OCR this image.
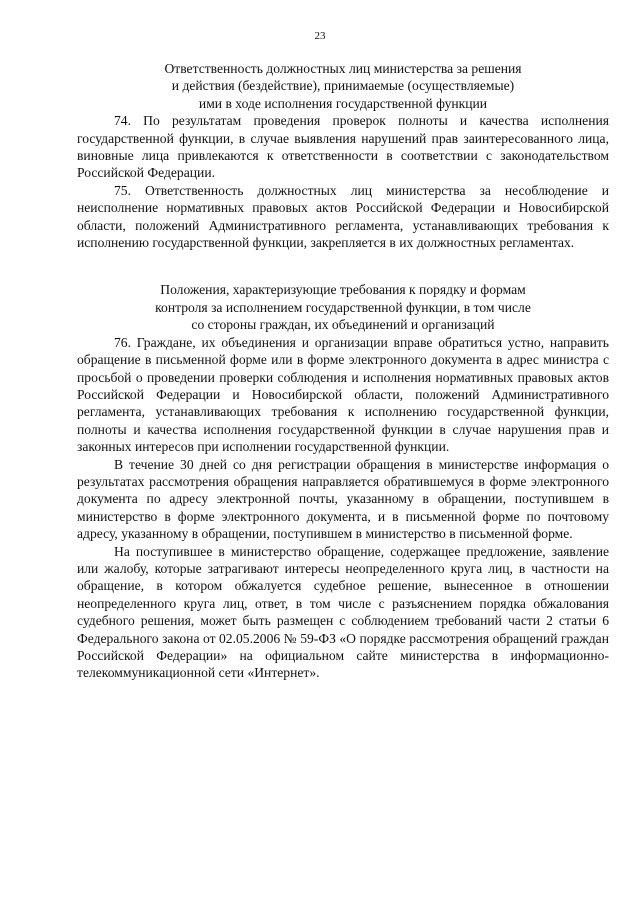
23
Ответственность должностных лиц министерства за решения
и действия (бездействие), принимаемые (осуществляемые)
ими в ходе исполнения государственной функции

74. По результатам проведения проверок полноты и качества исполнения государственной функции, в случае выявления нарушений прав заинтересованного лица, виновные лица привлекаются к ответственности в соответствии с законодательством Российской Федерации.

75. Ответственность должностных лиц министерства за несоблюдение и неисполнение нормативных правовых актов Российской Федерации и Новосибирской области, положений Административного регламента, устанавливающих требования к исполнению государственной функции, закрепляется в их должностных регламентах.

Положения, характеризующие требования к порядку и формам
контроля за исполнением государственной функции, в том числе
со стороны граждан, их объединений и организаций

76. Граждане, их объединения и организации вправе обратиться устно, направить обращение в письменной форме или в форме электронного документа в адрес министра с просьбой о проведении проверки соблюдения и исполнения нормативных правовых актов Российской Федерации и Новосибирской области, положений Административного регламента, устанавливающих требования к исполнению государственной функции, полноты и качества исполнения государственной функции в случае нарушения прав и законных интересов при исполнении государственной функции.

В течение 30 дней со дня регистрации обращения в министерстве информация о результатах рассмотрения обращения направляется обратившемуся в форме электронного документа по адресу электронной почты, указанному в обращении, поступившем в министерство в форме электронного документа, и в письменной форме по почтовому адресу, указанному в обращении, поступившем в министерство в письменной форме.

На поступившее в министерство обращение, содержащее предложение, заявление или жалобу, которые затрагивают интересы неопределенного круга лиц, в частности на обращение, в котором обжалуется судебное решение, вынесенное в отношении неопределенного круга лиц, ответ, в том числе с разъяснением порядка обжалования судебного решения, может быть размещен с соблюдением требований части 2 статьи 6 Федерального закона от 02.05.2006 № 59-ФЗ «О порядке рассмотрения обращений граждан Российской Федерации» на официальном сайте министерства в информационно-телекоммуникационной сети «Интернет».
